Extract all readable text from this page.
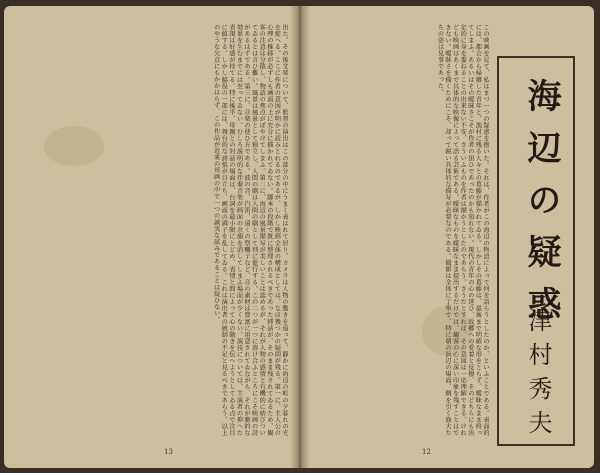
出た。その後文楽について、監督の演出はこの部分の中にうまく表はれて居り、カメラは人物の動きを追って、静かに海辺の町の夕暮れの光を捉へる。ここに作者の意図が明かに読みとれるのであるが、しかし映画全体の構成としては、なほ幾つかの疑問が残る。第一に、主人公の心理の推移が必ずしも画面の上に充分に描かれてゐない。脚本の段階で既に整理されるべきであった挿話が、そのまま残されてゐるため、観客の注意は分散し、物語の焦点がぼやけてしまふ。第二に、海辺の風景描写が美しいことは認めるが、それが人物の感情と有機的に結びついてゐるとは言ひ難い。風景は風景として独立し、人間の劇は人間の劇として別に進行する。この二つが一つに溶け合ふところにこそ映画の詩があるはずである。第三に、音楽の使ひ方である。波の音、汽笛、遠くの祭囃子など、音の素材は豊富に用意されてゐながら、それが劇的な効果を生むまでには至ってゐない。むしろ説明的な伴奏音楽が画面の余韻を消してしまふ場面が少くない。演技については、主演者の抑へた表現は好感が持てる。特に後半、母親との対話の場面は、台詞を最小限にとどめ、表情と間によって心の動きを伝へようとしてゐる点で注目に値する。しかし脇役の一部には、舞台的な誇張が目立ち、画面の調子を乱してゐる。これは演出者の統制の不足と見るべきであらう。以上のやうな欠点にもかかはらず、この作品が近来の邦画の中で一つの誠実な試みであることは疑ひない。
13
この映画を見て、私はまづ一つの疑惑を抱いた。それは、作者がこの海辺の物語によって何を語らうとしたのか、といふことである。表面的には、都会から帰郷した青年と、漁村に残る人々との葛藤が描かれてゐる。しかしその葛藤は、最後まで明確な形をとらず、曖昧なまま終ってしまふ。あるいはその曖昧さこそが作者の狙ひであったのかも知れない。現代の青年の心の迷ひ、故郷への愛着と反撥、そのどちらにも決定的に身を委ねることの出来ない不安、さういふものを作者は描かうとしたのであらう。さうだとすれば、その意図は一応理解できる。けれども映画はあくまで具体的な映像によって語る芸術である。曖昧なものを曖昧なまま提出するだけでは、観客の心に深い印象を残すことはできない。曖昧さを描くためにこそ、却って鋭い具体的な描写が必要なのである。撮影は全体に丁寧で、特に朝の浜辺の場面、網を引く漁夫たちの姿は見事であった。
海辺の疑惑
津村秀夫
12
